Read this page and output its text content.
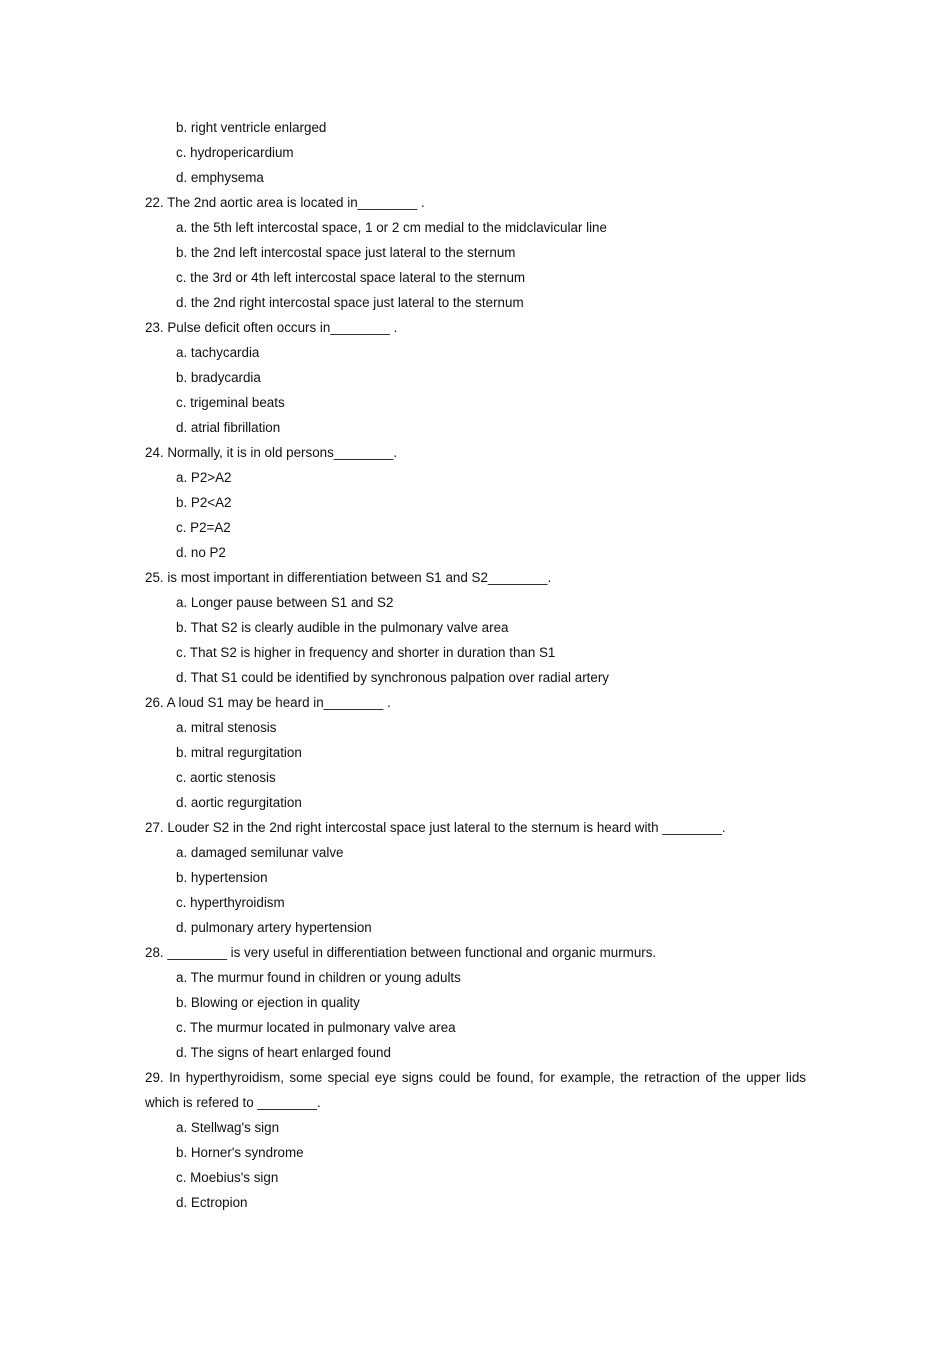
b. right ventricle enlarged

c. hydropericardium

d. emphysema

22. The 2nd aortic area is located in________ .

a. the 5th left intercostal space, 1 or 2 cm medial to the midclavicular line

b. the 2nd left intercostal space just lateral to the sternum

c. the 3rd or 4th left intercostal space lateral to the sternum

d. the 2nd right intercostal space just lateral to the sternum

23. Pulse deficit often occurs in________ .

a. tachycardia

b. bradycardia

c. trigeminal beats

d. atrial fibrillation

24. Normally, it is in old persons________.

a. P2>A2

b. P2<A2

c. P2=A2

d. no P2

25. is most important in differentiation between S1 and S2________.

a. Longer pause between S1 and S2

b. That S2 is clearly audible in the pulmonary valve area

c. That S2 is higher in frequency and shorter in duration than S1

d. That S1 could be identified by synchronous palpation over radial artery

26. A loud S1 may be heard in________ .

a. mitral stenosis

b. mitral regurgitation

c. aortic stenosis

d. aortic regurgitation

27. Louder S2 in the 2nd right intercostal space just lateral to the sternum is heard with ________.

a. damaged semilunar valve

b. hypertension

c. hyperthyroidism

d. pulmonary artery hypertension

28. ________ is very useful in differentiation between functional and organic murmurs.

a. The murmur found in children or young adults

b. Blowing or ejection in quality

c. The murmur located in pulmonary valve area

d. The signs of heart enlarged found

29. In hyperthyroidism, some special eye signs could be found, for example, the retraction of the upper lids which is refered to ________.

a. Stellwag's sign

b. Horner's syndrome

c. Moebius's sign

d. Ectropion
